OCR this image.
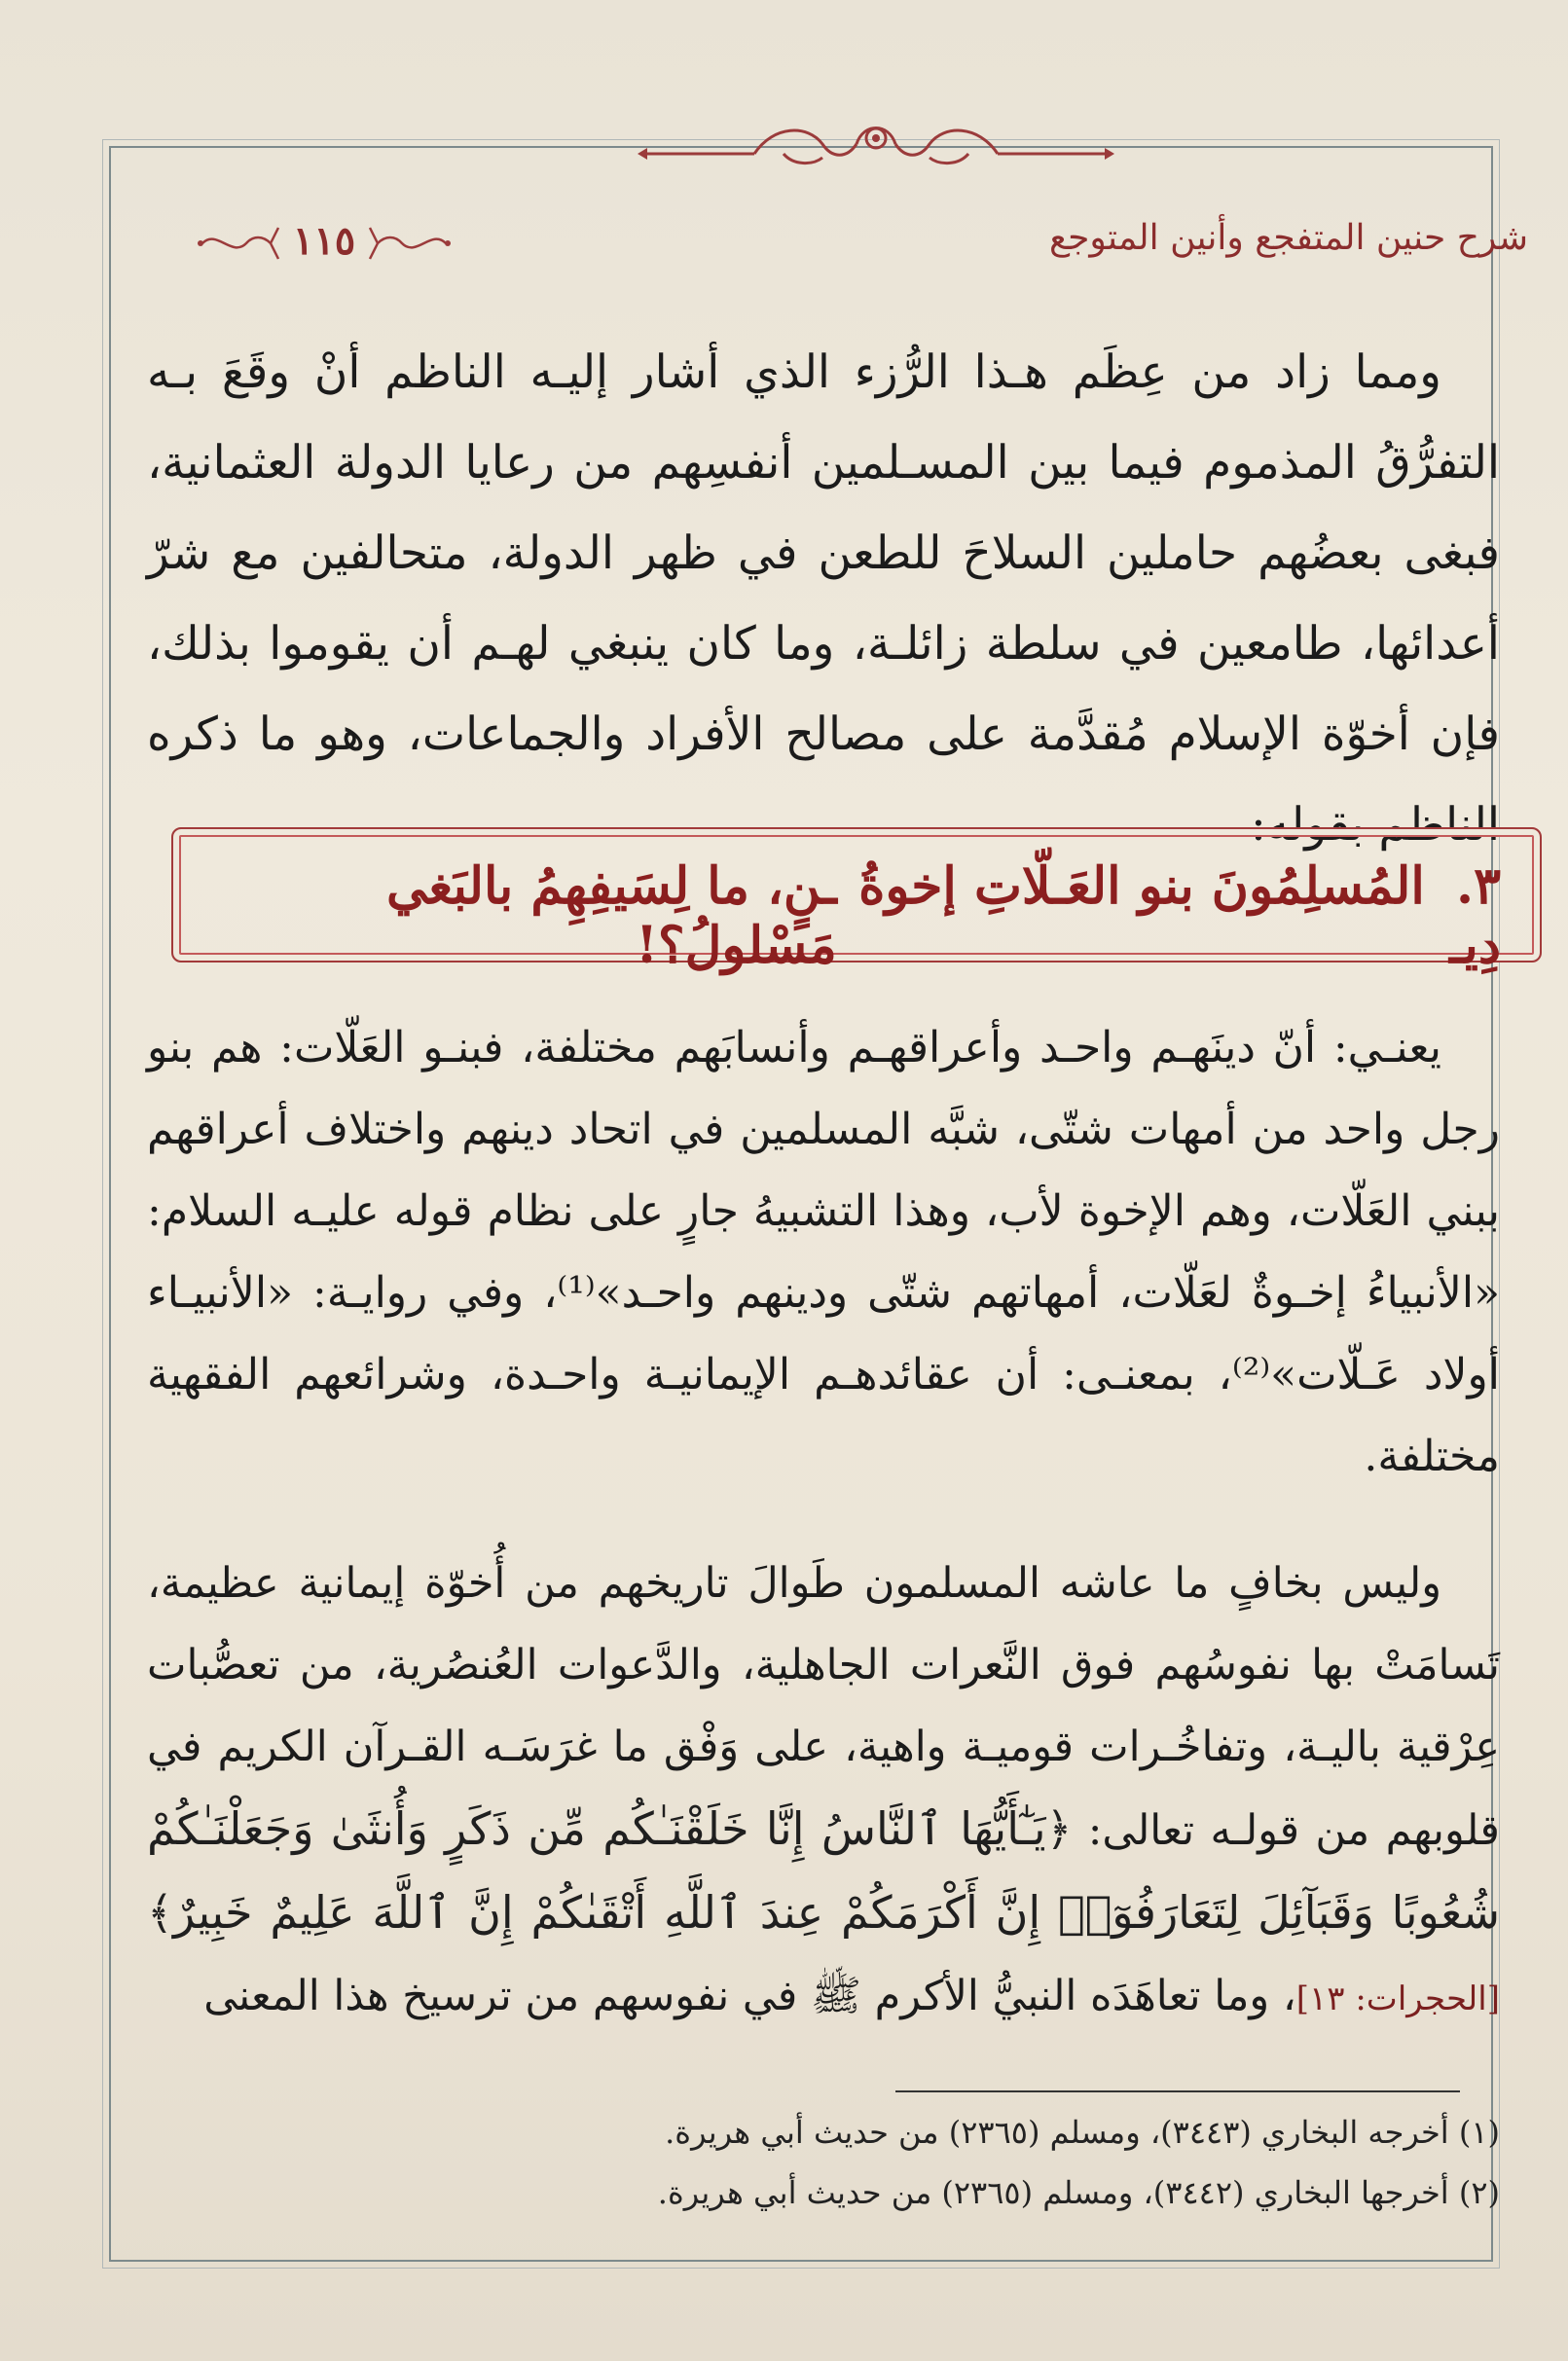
شرح حنين المتفجع وأنين المتوجع
١١٥

ومما زاد من عِظَم هـذا الرُّزء الذي أشار إليـه الناظم أنْ وقَعَ بـه التفرُّقُ المذموم فيما بين المسـلمين أنفسِهم من رعايا الدولة العثمانية، فبغى بعضُهم حاملين السلاحَ للطعن في ظهر الدولة، متحالفين مع شرّ أعدائها، طامعين في سلطة زائلـة، وما كان ينبغي لهـم أن يقوموا بذلك، فإن أخوّة الإسلام مُقدَّمة على مصالح الأفراد والجماعات، وهو ما ذكره الناظم بقوله:

٣. المُسلِمُونَ بنو العَـلّاتِ إخوةُ دِيـ
ـنٍ، ما لِسَيفِهِمُ بالبَغي مَسْلولُ؟!

يعنـي: أنّ دينَهـم واحـد وأعراقهـم وأنسابَهم مختلفة، فبنـو العَلّات: هم بنو رجل واحد من أمهات شتّى، شبَّه المسلمين في اتحاد دينهم واختلاف أعراقهم ببني العَلّات، وهم الإخوة لأب، وهذا التشبيهُ جارٍ على نظام قوله عليـه السلام: «الأنبياءُ إخـوةٌ لعَلّات، أمهاتهم شتّى ودينهم واحـد»⁽¹⁾، وفي روايـة: «الأنبيـاء أولاد عَـلّات»⁽²⁾، بمعنـى: أن عقائدهـم الإيمانيـة واحـدة، وشرائعهم الفقهية مختلفة.

وليس بخافٍ ما عاشه المسلمون طَوالَ تاريخهم من أُخوّة إيمانية عظيمة، تَسامَتْ بها نفوسُهم فوق النَّعرات الجاهلية، والدَّعوات العُنصُرية، من تعصُّبات عِرْقية باليـة، وتفاخُـرات قوميـة واهية، على وَفْق ما غرَسَـه القـرآن الكريم في قلوبهم من قولـه تعالى: ﴿يَـٰٓأَيُّهَا ٱلنَّاسُ إِنَّا خَلَقْنَـٰكُم مِّن ذَكَرٍ وَأُنثَىٰ وَجَعَلْنَـٰكُمْ شُعُوبًا وَقَبَآئِلَ لِتَعَارَفُوٓا۟ إِنَّ أَكْرَمَكُمْ عِندَ ٱللَّهِ أَتْقَىٰكُمْ إِنَّ ٱللَّهَ عَلِيمٌ خَبِيرٌ﴾ [الحجرات: ١٣]، وما تعاهَدَه النبيُّ الأكرم ﷺ في نفوسهم من ترسيخ هذا المعنى

(١) أخرجه البخاري (٣٤٤٣)، ومسلم (٢٣٦٥) من حديث أبي هريرة.

(٢) أخرجها البخاري (٣٤٤٢)، ومسلم (٢٣٦٥) من حديث أبي هريرة.
